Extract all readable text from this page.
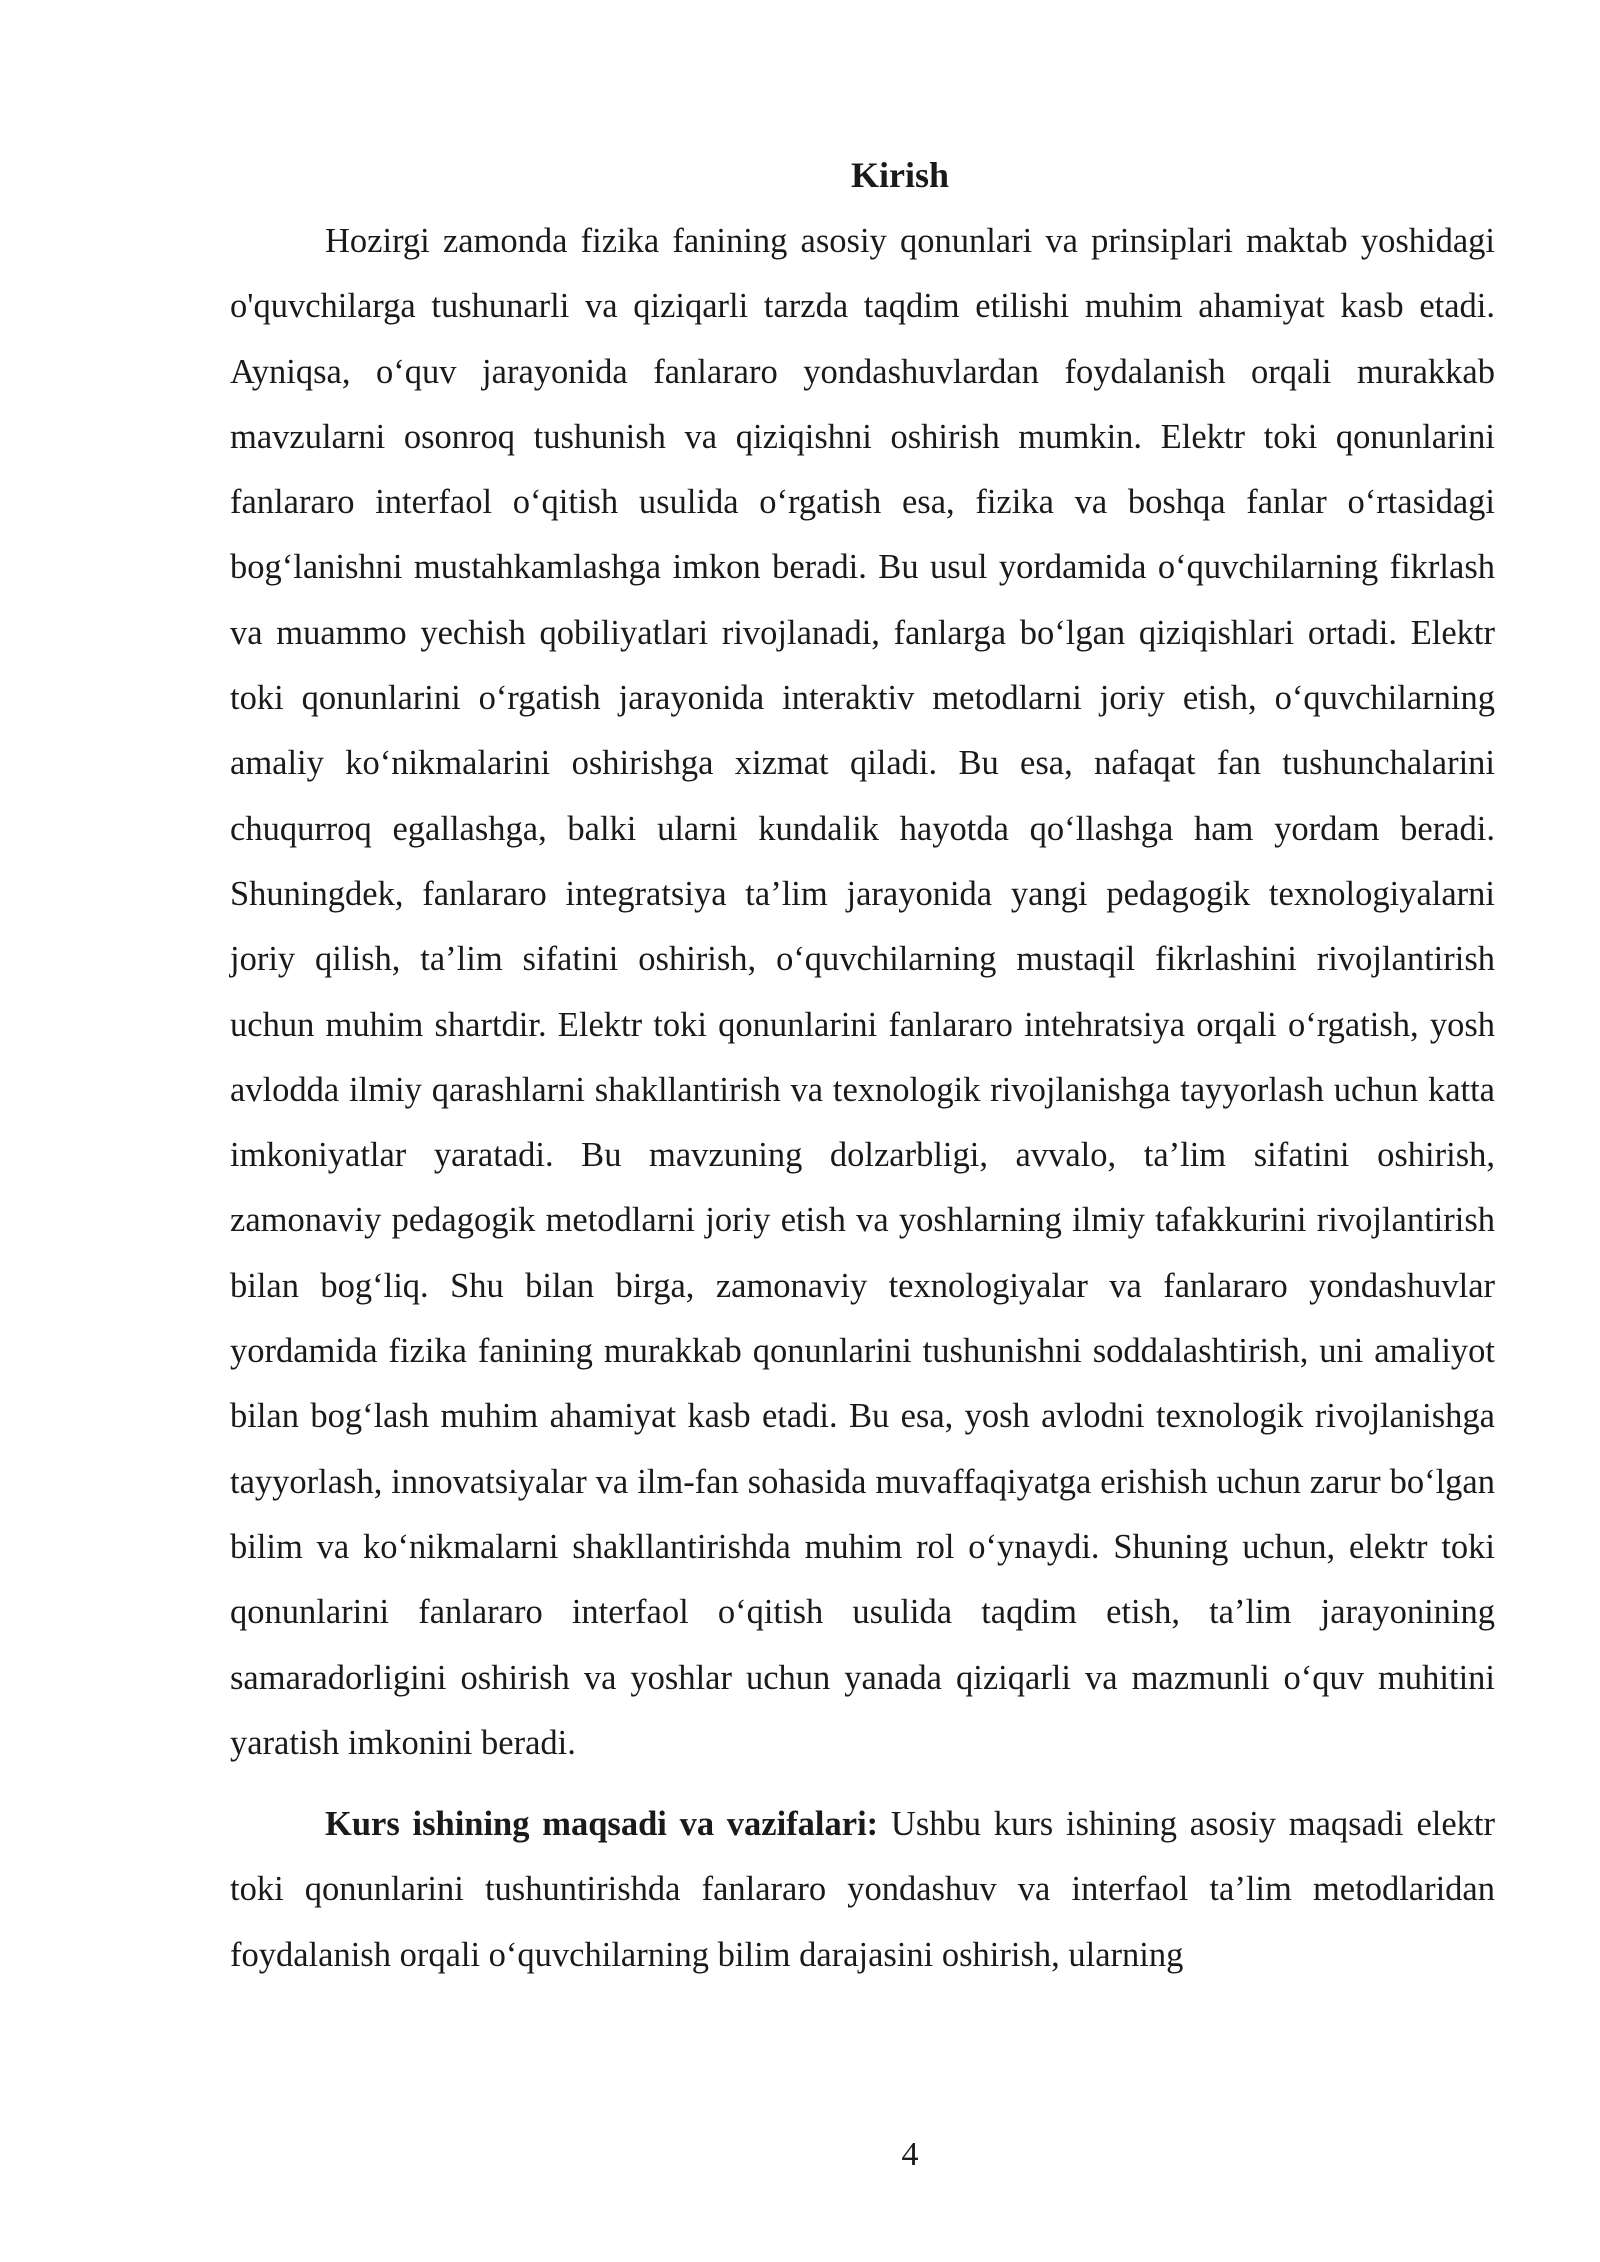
Kirish

Hozirgi zamonda fizika fanining asosiy qonunlari va prinsiplari maktab yoshidagi o'quvchilarga tushunarli va qiziqarli tarzda taqdim etilishi muhim ahamiyat kasb etadi. Ayniqsa, o‘quv jarayonida fanlararo yondashuvlardan foydalanish orqali murakkab mavzularni osonroq tushunish va qiziqishni oshirish mumkin. Elektr toki qonunlarini fanlararo interfaol o‘qitish usulida o‘rgatish esa, fizika va boshqa fanlar o‘rtasidagi bog‘lanishni mustahkamlashga imkon beradi. Bu usul yordamida o‘quvchilarning fikrlash va muammo yechish qobiliyatlari rivojlanadi, fanlarga bo‘lgan qiziqishlari ortadi. Elektr toki qonunlarini o‘rgatish jarayonida interaktiv metodlarni joriy etish, o‘quvchilarning amaliy ko‘nikmalarini oshirishga xizmat qiladi. Bu esa, nafaqat fan tushunchalarini chuqurroq egallashga, balki ularni kundalik hayotda qo‘llashga ham yordam beradi. Shuningdek, fanlararo integratsiya ta’lim jarayonida yangi pedagogik texnologiyalarni joriy qilish, ta’lim sifatini oshirish, o‘quvchilarning mustaqil fikrlashini rivojlantirish uchun muhim shartdir. Elektr toki qonunlarini fanlararo intehratsiya orqali o‘rgatish, yosh avlodda ilmiy qarashlarni shakllantirish va texnologik rivojlanishga tayyorlash uchun katta imkoniyatlar yaratadi. Bu mavzuning dolzarbligi, avvalo, ta’lim sifatini oshirish, zamonaviy pedagogik metodlarni joriy etish va yoshlarning ilmiy tafakkurini rivojlantirish bilan bog‘liq. Shu bilan birga, zamonaviy texnologiyalar va fanlararo yondashuvlar yordamida fizika fanining murakkab qonunlarini tushunishni soddalashtirish, uni amaliyot bilan bog‘lash muhim ahamiyat kasb etadi. Bu esa, yosh avlodni texnologik rivojlanishga tayyorlash, innovatsiyalar va ilm-fan sohasida muvaffaqiyatga erishish uchun zarur bo‘lgan bilim va ko‘nikmalarni shakllantirishda muhim rol o‘ynaydi. Shuning uchun, elektr toki qonunlarini fanlararo interfaol o‘qitish usulida taqdim etish, ta’lim jarayonining samaradorligini oshirish va yoshlar uchun yanada qiziqarli va mazmunli o‘quv muhitini yaratish imkonini beradi.

Kurs ishining maqsadi va vazifalari: Ushbu kurs ishining asosiy maqsadi elektr toki qonunlarini tushuntirishda fanlararo yondashuv va interfaol ta’lim metodlaridan foydalanish orqali o‘quvchilarning bilim darajasini oshirish, ularning

4
